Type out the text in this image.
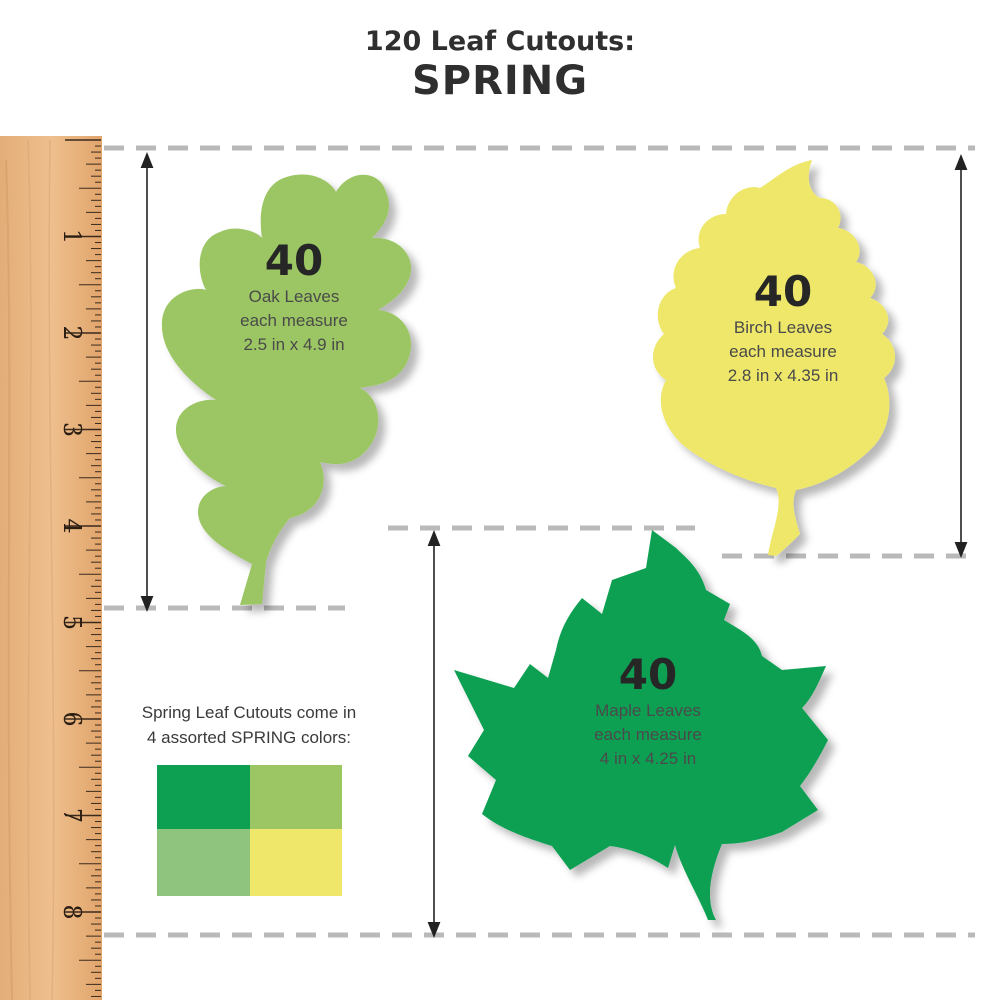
120 Leaf Cutouts:
SPRING
1
2
3
4
5
6
7
8
40
Oak Leaves
each measure
2.5 in x 4.9 in
40
Birch Leaves
each measure
2.8 in x 4.35 in
40
Maple Leaves
each measure
4 in x 4.25 in
Spring Leaf Cutouts come in
4 assorted SPRING colors:
